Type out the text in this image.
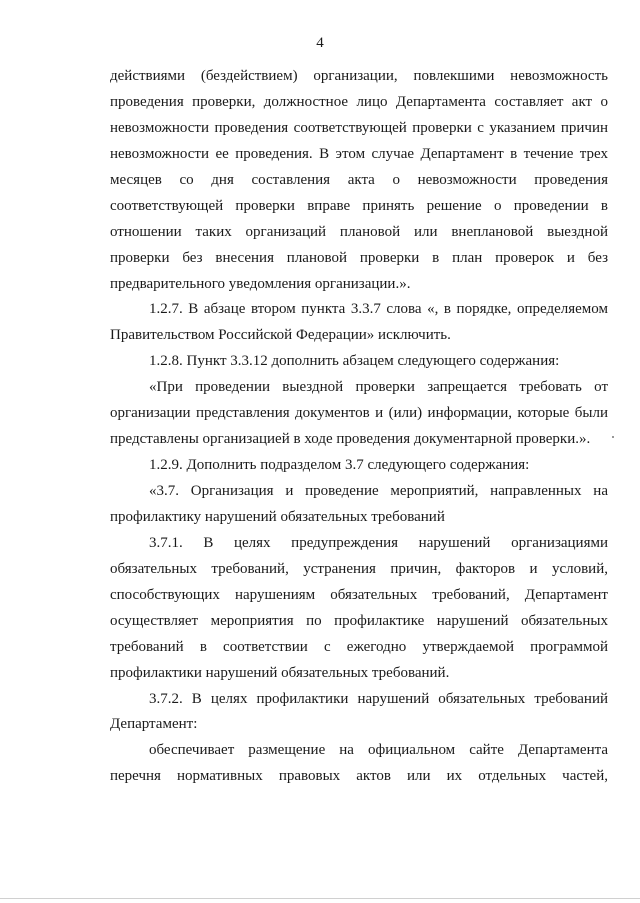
4
действиями (бездействием) организации, повлекшими невозможность
проведения проверки, должностное лицо Департамента составляет акт о
невозможности проведения соответствующей проверки с указанием причин
невозможности ее проведения. В этом случае Департамент в течение трех
месяцев со дня составления акта о невозможности проведения
соответствующей проверки вправе принять решение о проведении в
отношении таких организаций плановой или внеплановой выездной
проверки без внесения плановой проверки в план проверок и без
предварительного уведомления организации.».
1.2.7. В абзаце втором пункта 3.3.7 слова «, в порядке, определяемом
Правительством Российской Федерации» исключить.
1.2.8. Пункт 3.3.12 дополнить абзацем следующего содержания:
«При проведении выездной проверки запрещается требовать от
организации представления документов и (или) информации, которые были
представлены организацией в ходе проведения документарной проверки.».
1.2.9. Дополнить подразделом 3.7 следующего содержания:
«3.7. Организация и проведение мероприятий, направленных на
профилактику нарушений обязательных требований
3.7.1. В целях предупреждения нарушений организациями
обязательных требований, устранения причин, факторов и условий,
способствующих нарушениям обязательных требований, Департамент
осуществляет мероприятия по профилактике нарушений обязательных
требований в соответствии с ежегодно утверждаемой программой
профилактики нарушений обязательных требований.
3.7.2. В целях профилактики нарушений обязательных требований
Департамент:
обеспечивает размещение на официальном сайте Департамента
перечня нормативных правовых актов или их отдельных частей,
